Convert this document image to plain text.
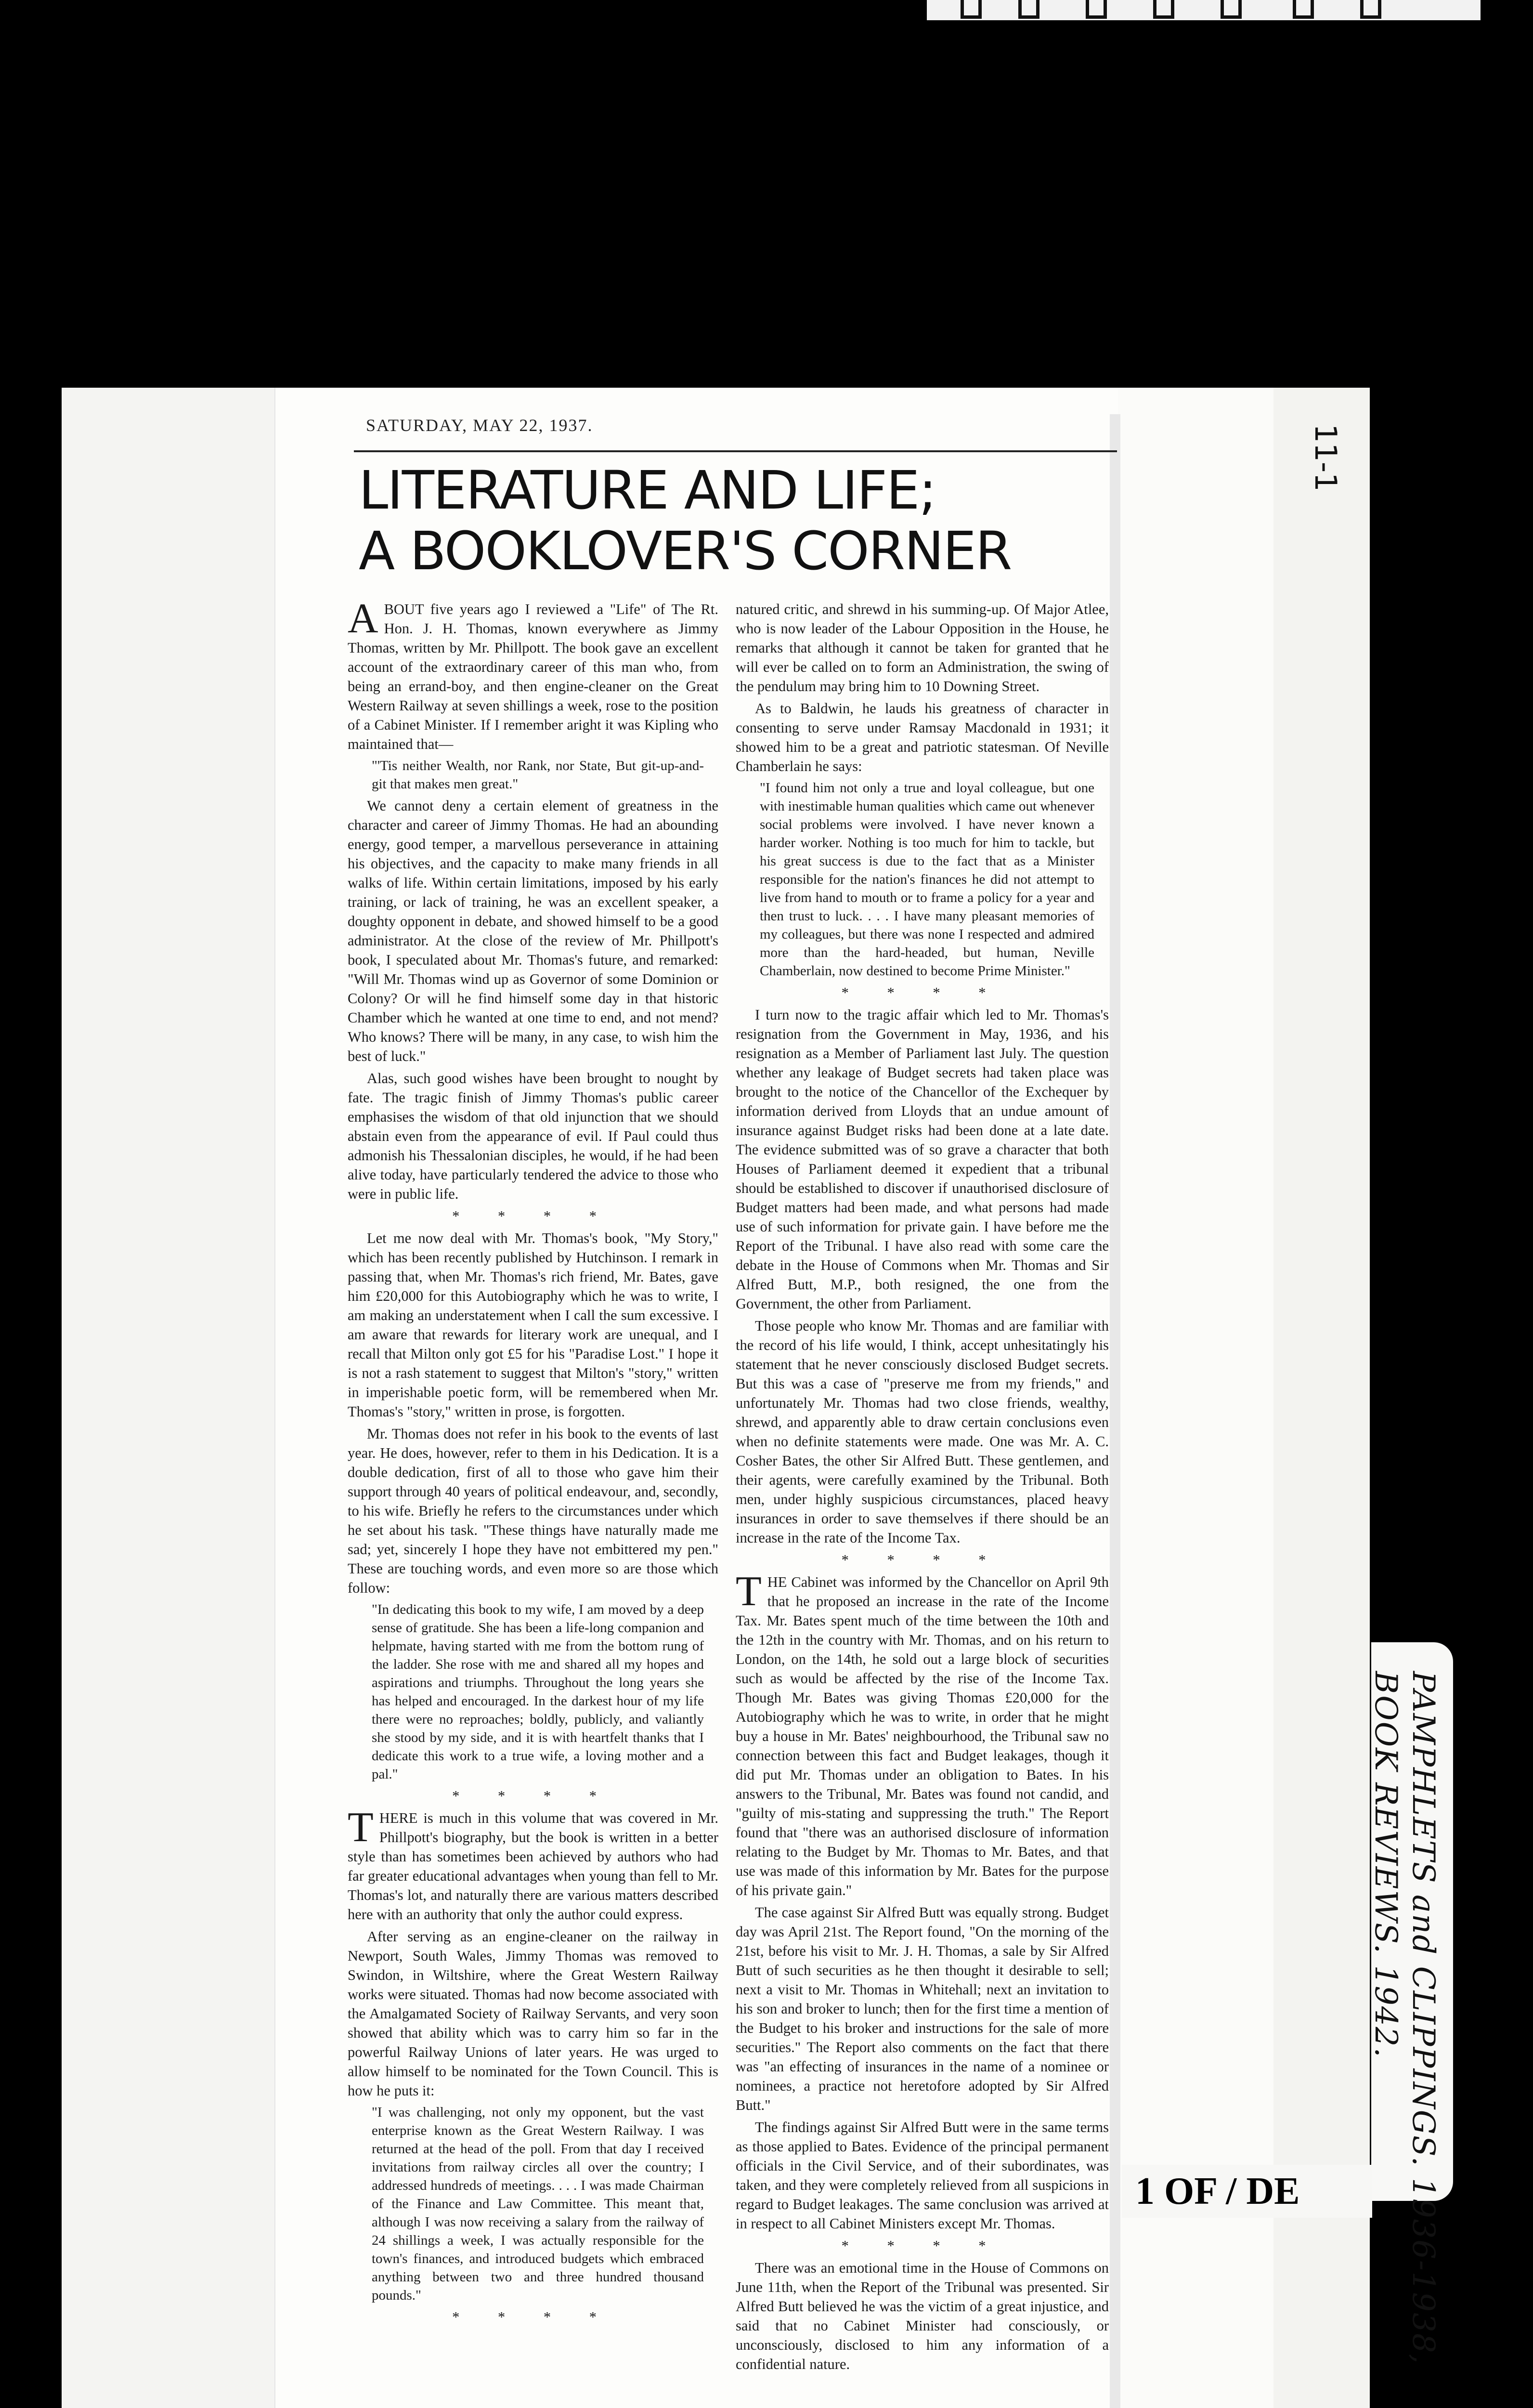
SATURDAY, MAY 22, 1937.
LITERATURE AND LIFE;
A BOOKLOVER'S CORNER

ABOUT five years ago I reviewed a "Life" of The Rt. Hon. J. H. Thomas, known everywhere as Jimmy Thomas, written by Mr. Phillpott. The book gave an excellent account of the extraordinary career of this man who, from being an errand-boy, and then engine-cleaner on the Great Western Railway at seven shillings a week, rose to the position of a Cabinet Minister. If I remember aright it was Kipling who maintained that—

"'Tis neither Wealth, nor Rank, nor State, But git-up-and-git that makes men great."

We cannot deny a certain element of greatness in the character and career of Jimmy Thomas. He had an abounding energy, good temper, a marvellous perseverance in attaining his objectives, and the capacity to make many friends in all walks of life. Within certain limitations, imposed by his early training, or lack of training, he was an excellent speaker, a doughty opponent in debate, and showed himself to be a good administrator. At the close of the review of Mr. Phillpott's book, I speculated about Mr. Thomas's future, and remarked: "Will Mr. Thomas wind up as Governor of some Dominion or Colony? Or will he find himself some day in that historic Chamber which he wanted at one time to end, and not mend? Who knows? There will be many, in any case, to wish him the best of luck."

Alas, such good wishes have been brought to nought by fate. The tragic finish of Jimmy Thomas's public career emphasises the wisdom of that old injunction that we should abstain even from the appearance of evil. If Paul could thus admonish his Thessalonian disciples, he would, if he had been alive today, have particularly tendered the advice to those who were in public life.

* * * *

Let me now deal with Mr. Thomas's book, "My Story," which has been recently published by Hutchinson. I remark in passing that, when Mr. Thomas's rich friend, Mr. Bates, gave him £20,000 for this Autobiography which he was to write, I am making an understatement when I call the sum excessive. I am aware that rewards for literary work are unequal, and I recall that Milton only got £5 for his "Paradise Lost." I hope it is not a rash statement to suggest that Milton's "story," written in imperishable poetic form, will be remembered when Mr. Thomas's "story," written in prose, is forgotten.

Mr. Thomas does not refer in his book to the events of last year. He does, however, refer to them in his Dedication. It is a double dedication, first of all to those who gave him their support through 40 years of political endeavour, and, secondly, to his wife. Briefly he refers to the circumstances under which he set about his task. "These things have naturally made me sad; yet, sincerely I hope they have not embittered my pen." These are touching words, and even more so are those which follow:

"In dedicating this book to my wife, I am moved by a deep sense of gratitude. She has been a life-long companion and helpmate, having started with me from the bottom rung of the ladder. She rose with me and shared all my hopes and aspirations and triumphs. Throughout the long years she has helped and encouraged. In the darkest hour of my life there were no reproaches; boldly, publicly, and valiantly she stood by my side, and it is with heartfelt thanks that I dedicate this work to a true wife, a loving mother and a pal."

* * * *

THERE is much in this volume that was covered in Mr. Phillpott's biography, but the book is written in a better style than has sometimes been achieved by authors who had far greater educational advantages when young than fell to Mr. Thomas's lot, and naturally there are various matters described here with an authority that only the author could express.

After serving as an engine-cleaner on the railway in Newport, South Wales, Jimmy Thomas was removed to Swindon, in Wiltshire, where the Great Western Railway works were situated. Thomas had now become associated with the Amalgamated Society of Railway Servants, and very soon showed that ability which was to carry him so far in the powerful Railway Unions of later years. He was urged to allow himself to be nominated for the Town Council. This is how he puts it:

"I was challenging, not only my opponent, but the vast enterprise known as the Great Western Railway. I was returned at the head of the poll. From that day I received invitations from railway circles all over the country; I addressed hundreds of meetings. . . . I was made Chairman of the Finance and Law Committee. This meant that, although I was now receiving a salary from the railway of 24 shillings a week, I was actually responsible for the town's finances, and introduced budgets which embraced anything between two and three hundred thousand pounds."

* * * *

natured critic, and shrewd in his summing-up. Of Major Atlee, who is now leader of the Labour Opposition in the House, he remarks that although it cannot be taken for granted that he will ever be called on to form an Administration, the swing of the pendulum may bring him to 10 Downing Street.

As to Baldwin, he lauds his greatness of character in consenting to serve under Ramsay Macdonald in 1931; it showed him to be a great and patriotic statesman. Of Neville Chamberlain he says:

"I found him not only a true and loyal colleague, but one with inestimable human qualities which came out whenever social problems were involved. I have never known a harder worker. Nothing is too much for him to tackle, but his great success is due to the fact that as a Minister responsible for the nation's finances he did not attempt to live from hand to mouth or to frame a policy for a year and then trust to luck. . . . I have many pleasant memories of my colleagues, but there was none I respected and admired more than the hard-headed, but human, Neville Chamberlain, now destined to become Prime Minister."

* * * *

I turn now to the tragic affair which led to Mr. Thomas's resignation from the Government in May, 1936, and his resignation as a Member of Parliament last July. The question whether any leakage of Budget secrets had taken place was brought to the notice of the Chancellor of the Exchequer by information derived from Lloyds that an undue amount of insurance against Budget risks had been done at a late date. The evidence submitted was of so grave a character that both Houses of Parliament deemed it expedient that a tribunal should be established to discover if unauthorised disclosure of Budget matters had been made, and what persons had made use of such information for private gain. I have before me the Report of the Tribunal. I have also read with some care the debate in the House of Commons when Mr. Thomas and Sir Alfred Butt, M.P., both resigned, the one from the Government, the other from Parliament.

Those people who know Mr. Thomas and are familiar with the record of his life would, I think, accept unhesitatingly his statement that he never consciously disclosed Budget secrets. But this was a case of "preserve me from my friends," and unfortunately Mr. Thomas had two close friends, wealthy, shrewd, and apparently able to draw certain conclusions even when no definite statements were made. One was Mr. A. C. Cosher Bates, the other Sir Alfred Butt. These gentlemen, and their agents, were carefully examined by the Tribunal. Both men, under highly suspicious circumstances, placed heavy insurances in order to save themselves if there should be an increase in the rate of the Income Tax.

* * * *

THE Cabinet was informed by the Chancellor on April 9th that he proposed an increase in the rate of the Income Tax. Mr. Bates spent much of the time between the 10th and the 12th in the country with Mr. Thomas, and on his return to London, on the 14th, he sold out a large block of securities such as would be affected by the rise of the Income Tax. Though Mr. Bates was giving Thomas £20,000 for the Autobiography which he was to write, in order that he might buy a house in Mr. Bates' neighbourhood, the Tribunal saw no connection between this fact and Budget leakages, though it did put Mr. Thomas under an obligation to Bates. In his answers to the Tribunal, Mr. Bates was found not candid, and "guilty of mis-stating and suppressing the truth." The Report found that "there was an authorised disclosure of information relating to the Budget by Mr. Thomas to Mr. Bates, and that use was made of this information by Mr. Bates for the purpose of his private gain."

The case against Sir Alfred Butt was equally strong. Budget day was April 21st. The Report found, "On the morning of the 21st, before his visit to Mr. J. H. Thomas, a sale by Sir Alfred Butt of such securities as he then thought it desirable to sell; next a visit to Mr. Thomas in Whitehall; next an invitation to his son and broker to lunch; then for the first time a mention of the Budget to his broker and instructions for the sale of more securities." The Report also comments on the fact that there was "an effecting of insurances in the name of a nominee or nominees, a practice not heretofore adopted by Sir Alfred Butt."

The findings against Sir Alfred Butt were in the same terms as those applied to Bates. Evidence of the principal permanent officials in the Civil Service, and of their subordinates, was taken, and they were completely relieved from all suspicions in regard to Budget leakages. The same conclusion was arrived at in respect to all Cabinet Ministers except Mr. Thomas.

* * * *

There was an emotional time in the House of Commons on June 11th, when the Report of the Tribunal was presented. Sir Alfred Butt believed he was the victim of a great injustice, and said that no Cabinet Minister had consciously, or unconsciously, disclosed to him any information of a confidential nature.

11-1
PAMPHLETS and CLIPPINGS. 1936-1938,
BOOK REVIEWS. 1942.
1 OF / DE
